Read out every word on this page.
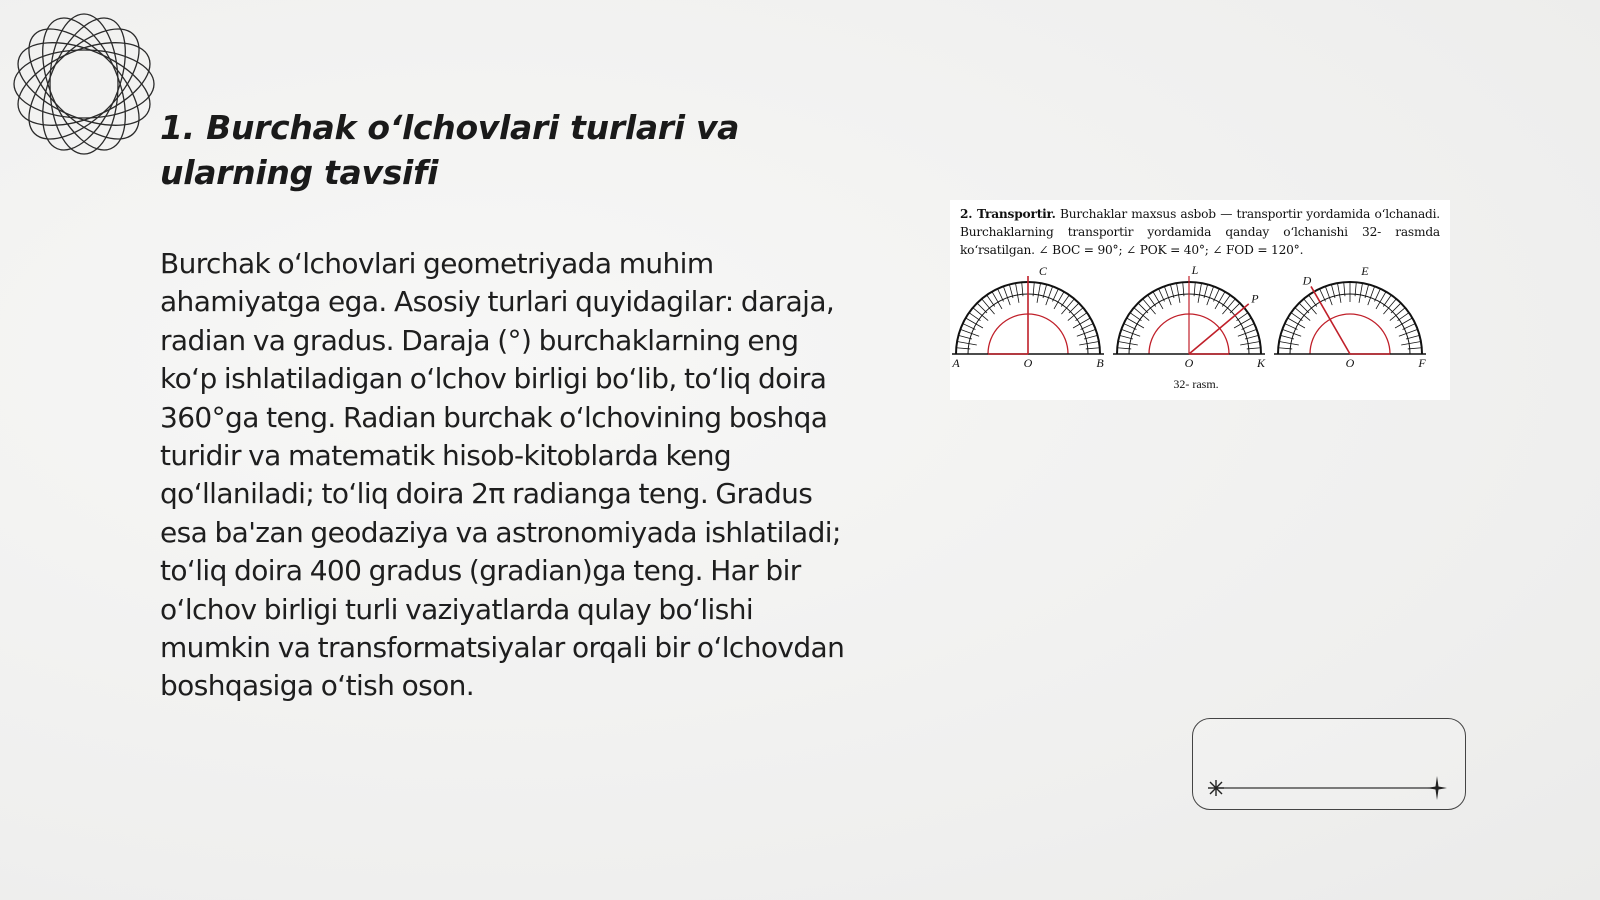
1. Burchak o‘lchovlari turlari va ularning tavsifi

Burchak o‘lchovlari geometriyada muhim ahamiyatga ega. Asosiy turlari quyidagilar: daraja, radian va gradus. Daraja (°) burchaklarning eng ko‘p ishlatiladigan o‘lchov birligi bo‘lib, to‘liq doira 360°ga teng. Radian burchak o‘lchovining boshqa turidir va matematik hisob-kitoblarda keng qo‘llaniladi; to‘liq doira 2π radianga teng. Gradus esa ba'zan geodaziya va astronomiyada ishlatiladi; to‘liq doira 400 gradus (gradian)ga teng. Har bir o‘lchov birligi turli vaziyatlarda qulay bo‘lishi mumkin va transformatsiyalar orqali bir o‘lchovdan boshqasiga o‘tish oson.

2. Transportir. Burchaklar maxsus asbob — transportir yordamida o‘lchanadi. Burchaklarning transportir yordamida qanday o‘lchanishi 32- rasmda ko‘rsatilgan. ∠ BOC = 90°; ∠ POK = 40°; ∠ FOD = 120°.
A	O	B
C
O	K
L
P
O	F
D
E
32- rasm.
